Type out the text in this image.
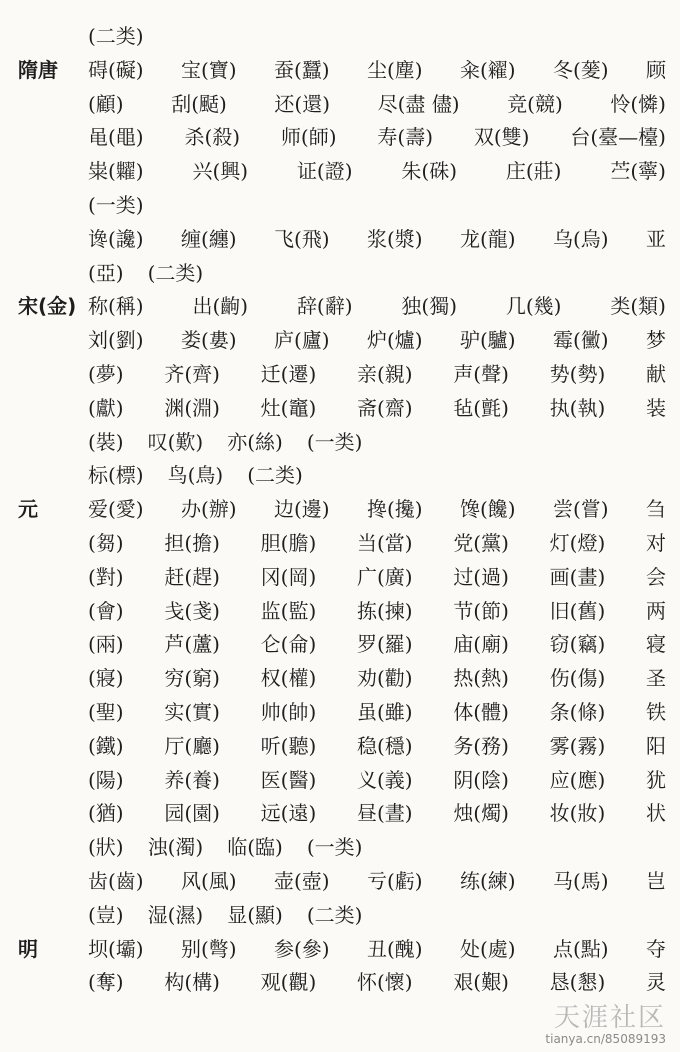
隋唐
宋(金)
元
明
(二类)
碍(礙) 宝(寶) 蚕(蠶) 尘(塵) 籴(糴) 冬(蓌) 顾
(顧) 刮(颳) 还(還) 尽(盡 儘) 竞(競) 怜(憐)
黾(黽) 杀(殺) 师(師) 寿(壽) 双(雙) 台(臺—檯)
粜(糶) 兴(興) 证(證) 朱(硃) 庄(莊) 苎(薴)
(一类)
谗(讒) 缠(纏) 飞(飛) 浆(漿) 龙(龍) 乌(烏) 亚
(亞) (二类)
称(稱) 出(齣) 辞(辭) 独(獨) 几(幾) 类(類)
刘(劉) 娄(婁) 庐(廬) 炉(爐) 驴(驢) 霉(黴) 梦
(夢) 齐(齊) 迁(遷) 亲(親) 声(聲) 势(勢) 献
(獻) 渊(淵) 灶(竈) 斋(齋) 毡(氈) 执(執) 装
(裝) 叹(歎) 亦(絲) (一类)
标(標) 鸟(鳥) (二类)
爱(愛) 办(辦) 边(邊) 搀(攙) 馋(饞) 尝(嘗) 刍
(芻) 担(擔) 胆(膽) 当(當) 党(黨) 灯(燈) 对
(對) 赶(趕) 冈(岡) 广(廣) 过(過) 画(畫) 会
(會) 戋(戔) 监(監) 拣(揀) 节(節) 旧(舊) 两
(兩) 芦(蘆) 仑(侖) 罗(羅) 庙(廟) 窃(竊) 寝
(寢) 穷(窮) 权(權) 劝(勸) 热(熱) 伤(傷) 圣
(聖) 实(實) 帅(帥) 虽(雖) 体(體) 条(條) 铁
(鐵) 厅(廳) 听(聽) 稳(穩) 务(務) 雾(霧) 阳
(陽) 养(養) 医(醫) 义(義) 阴(陰) 应(應) 犹
(猶) 园(園) 远(遠) 昼(晝) 烛(燭) 妆(妝) 状
(狀) 浊(濁) 临(臨) (一类)
齿(齒) 风(風) 壶(壺) 亏(虧) 练(練) 马(馬) 岂
(豈) 湿(濕) 显(顯) (二类)
坝(壩) 别(彆) 参(參) 丑(醜) 处(處) 点(點) 夺
(奪) 构(構) 观(觀) 怀(懷) 艰(艱) 恳(懇) 灵
天涯社区
tianya.cn/85089193
